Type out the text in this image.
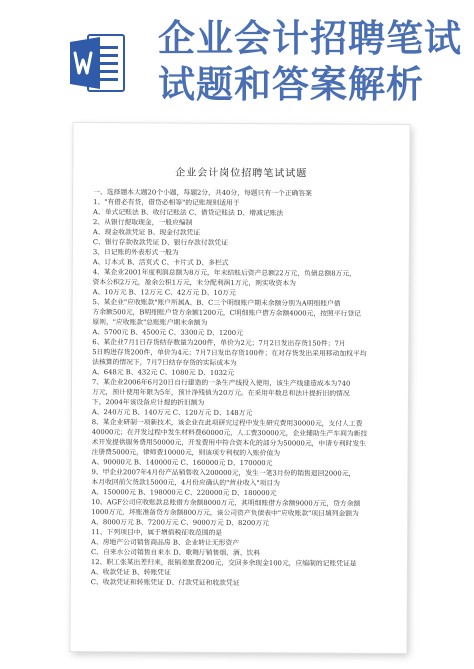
企业会计招聘笔试
试题和答案解析
企业会计岗位招聘笔试试题
一、选择题本大题20个小题，每题2分，共40分，每题只有一个正确答案
1、"有借必有贷，借贷必相等"的记账规则适用于
A、单式记账法 B、收付记账法 C、借贷记账法 D、增减记账法
2、从银行提取现金，一般应编制
A、现金收款凭证 B、现金付款凭证
C、银行存款收款凭证 D、银行存款付款凭证
3、日记账的外表形式一般为
A、订本式 B、活页式 C、卡片式 D、多栏式
4、某企业2001年度利润总额为8万元，年末结账后资产总额22万元，负债总额8万元，
资本公积2万元，盈余公积1万元，未分配利润1万元，则实收资本为
A、10万元 B、12万元 C、42万元 D、10万元
5、某企业"应收账款"账户所属A、B、C三个明细账户期末余额分别为A明细账户借
方余额500元，B明细账户贷方余额1200元，C明细账户借方余额4000元，按照平行登记
原则，"应收账款"总账账户期末余额为
A、5700元 B、4500元 C、3300元 D、1200元
6、某企业7月1日存货结存数量为200件，单价为2元；7月2日发出存货150件；7月
5日购进存货200件，单价为4元；7月7日发出存货100件；在对存货发出采用移动加权平均
法核算的情况下，7月7日结存存货的实际成本为
A、648元 B、432元 C、1080元 D、1032元
7、某企业2006年6月20日自行建造的一条生产线投入使用，该生产线建造成本为740
万元，预计使用年限为5年，预计净残值为20万元。在采用年数总和法计提折旧的情况
下，2004年该设备应计提的折旧额为
A、240万元 B、140万元 C、120万元 D、148万元
8、某企业研制一项新技术，该企业在此项研究过程中发生研究费用30000元，支付人工费
40000元；在开发过程中发生材料费60000元，人工费30000元，企业辅助生产车间为新技
术开发提供服务费用50000元，开发费用中符合资本化的部分为50000元，申请专利时发生
注册费5000元，律师费10000元，则该项专利权的入账价值为
A、90000元 B、140000元 C、160000元 D、170000元
9、甲企业2007年4月份产品销售收入200000元，发生一笔3月份的销售退回2000元，
本月收回前欠货款15000元，4月份应确认的"营业收入"项目为
A、150000元 B、198000元 C、220000元 D、180000元
10、AGF公司应收账款总账借方余额8000万元，其明细账借方余额9000万元，贷方余额
1000万元，坏账准备贷方余额800万元，该公司资产负债表中"应收账款"项目填列金额为
A、8000万元 B、7200万元 C、9000万元 D、8200万元
11、下列项目中，属于增值税征收范围的是
A、房地产公司销售商品房 B、企业转让无形资产
C、自来水公司销售自来水 D、歌舞厅销售烟、酒、饮料
12、职工张某出差归来，报销差旅费200元，交回多余现金100元，应编制的记账凭证是
A、收款凭证 B、转账凭证
C、收款凭证和转账凭证 D、付款凭证和收款凭证
